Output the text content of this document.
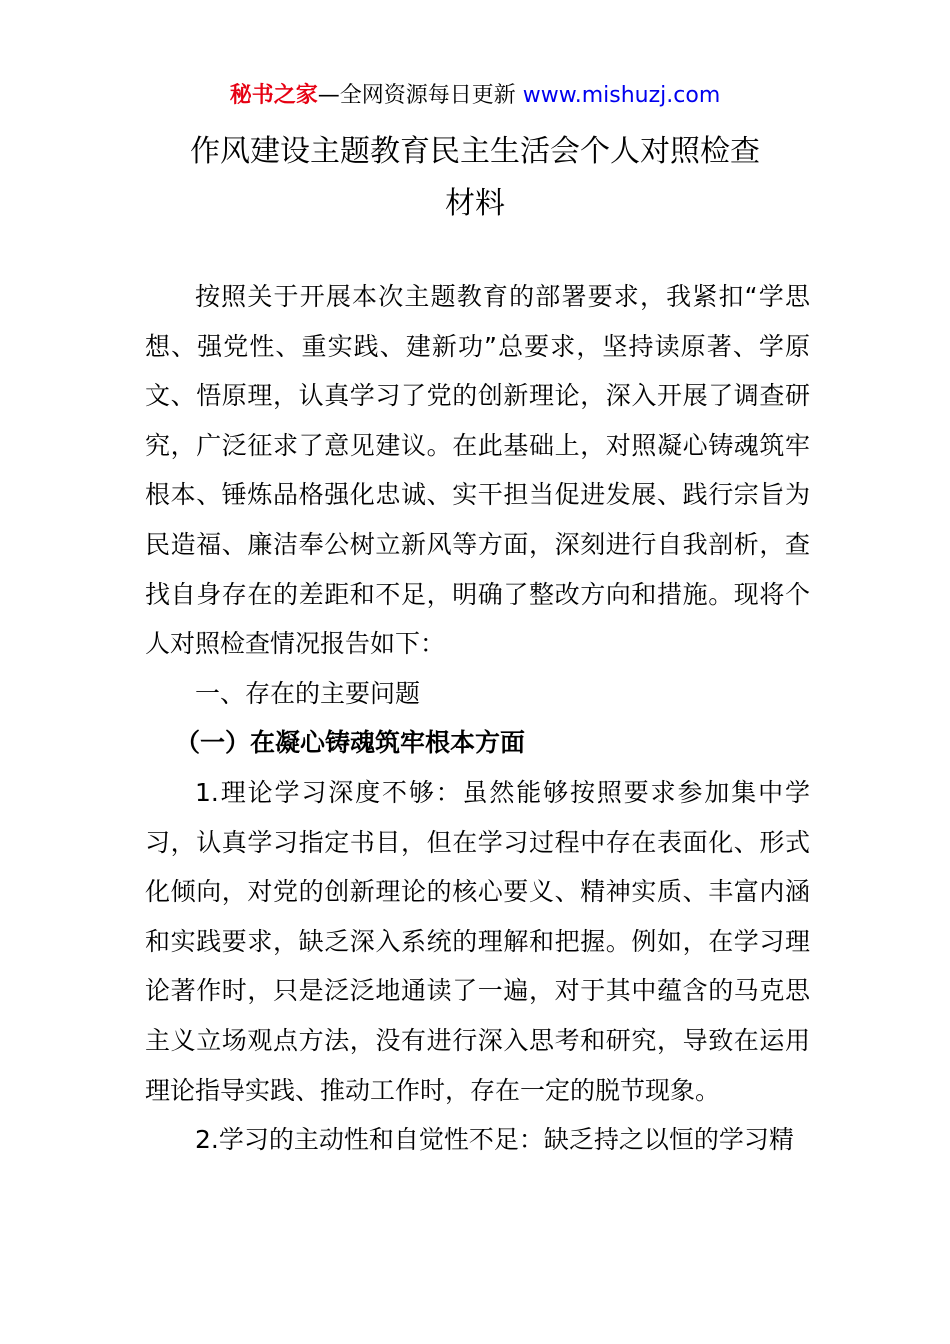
秘书之家—全网资源每日更新 www.mishuzj.com
作风建设主题教育民主生活会个人对照检查
材料

按照关于开展本次主题教育的部署要求，我紧扣“学思想、强党性、重实践、建新功”总要求，坚持读原著、学原文、悟原理，认真学习了党的创新理论，深入开展了调查研究，广泛征求了意见建议。在此基础上，对照凝心铸魂筑牢根本、锤炼品格强化忠诚、实干担当促进发展、践行宗旨为民造福、廉洁奉公树立新风等方面，深刻进行自我剖析，查找自身存在的差距和不足，明确了整改方向和措施。现将个人对照检查情况报告如下：

一、存在的主要问题

（一）在凝心铸魂筑牢根本方面

1.理论学习深度不够：虽然能够按照要求参加集中学习，认真学习指定书目，但在学习过程中存在表面化、形式化倾向，对党的创新理论的核心要义、精神实质、丰富内涵和实践要求，缺乏深入系统的理解和把握。例如，在学习理论著作时，只是泛泛地通读了一遍，对于其中蕴含的马克思主义立场观点方法，没有进行深入思考和研究，导致在运用理论指导实践、推动工作时，存在一定的脱节现象。

2.学习的主动性和自觉性不足：缺乏持之以恒的学习精
